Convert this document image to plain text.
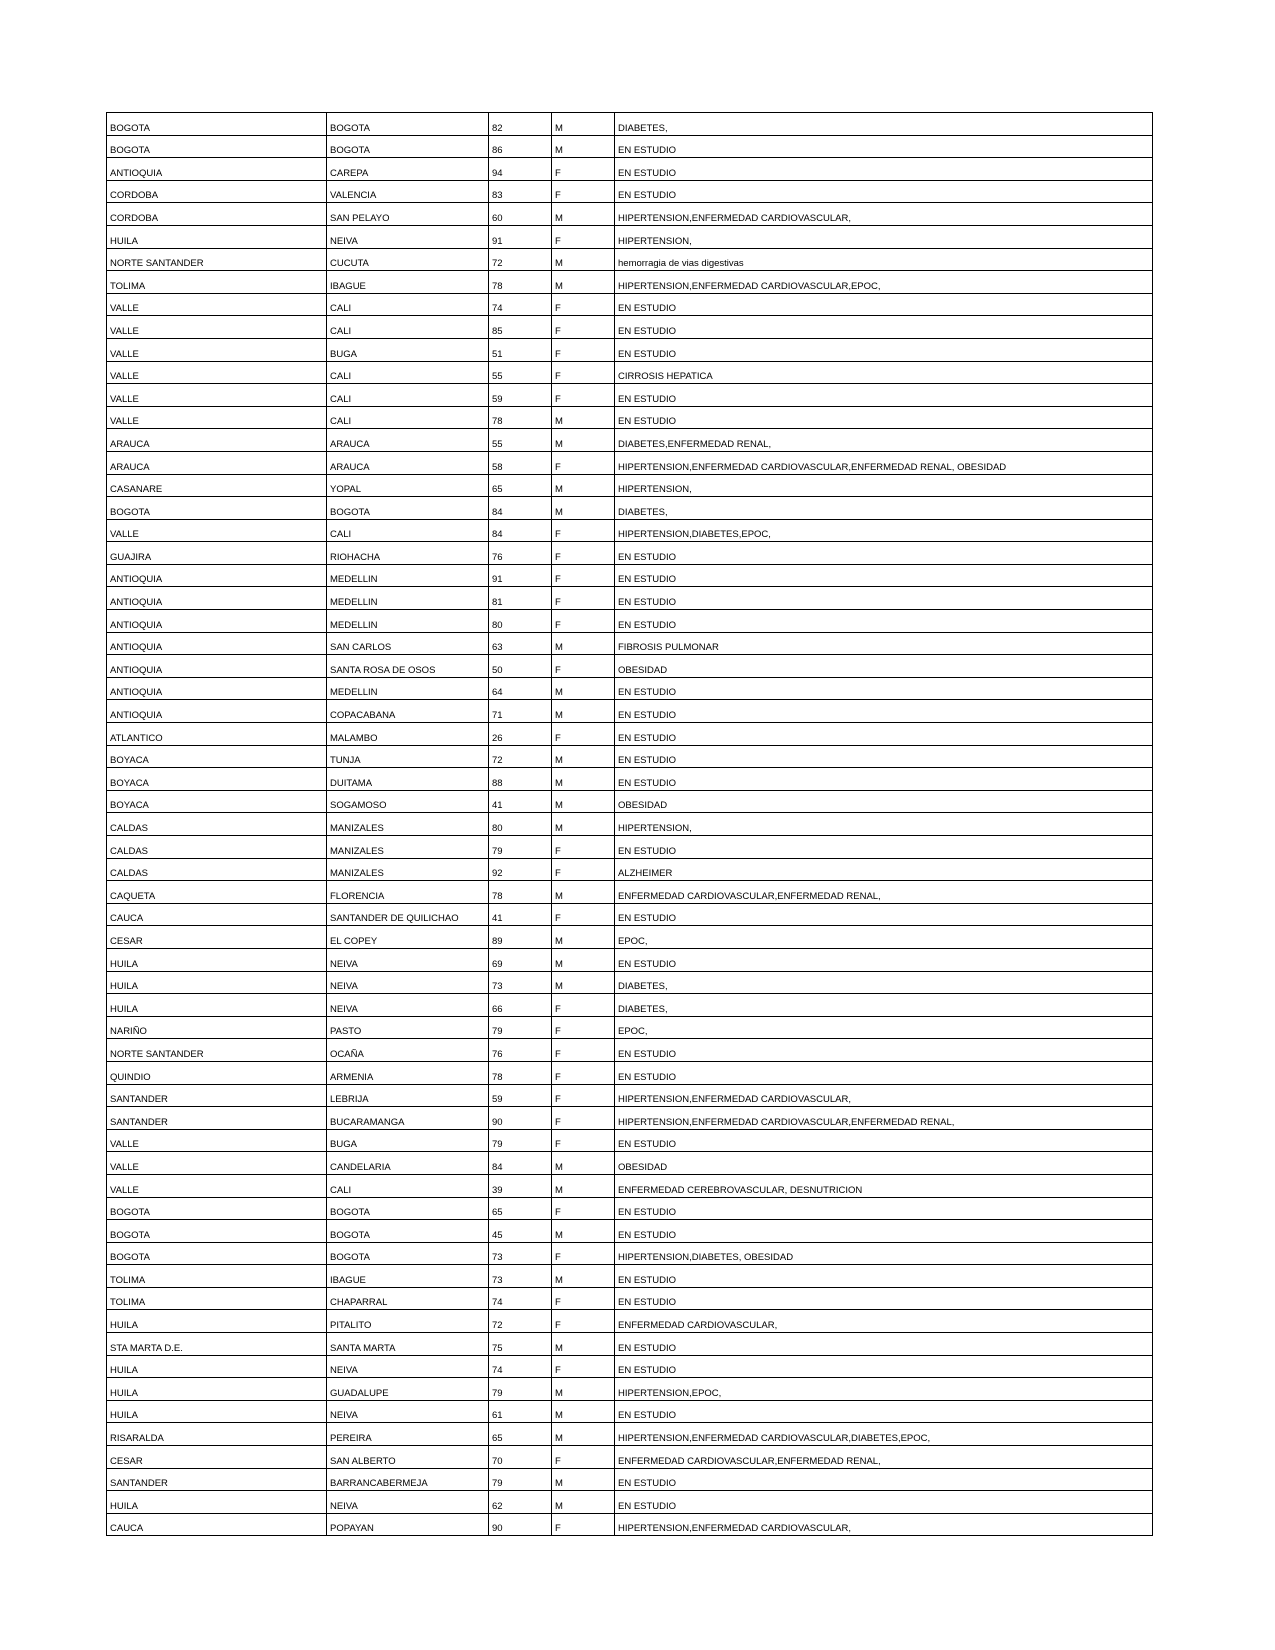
BOGOTA	BOGOTA	82	M	DIABETES,
BOGOTA	BOGOTA	86	M	EN ESTUDIO
ANTIOQUIA	CAREPA	94	F	EN ESTUDIO
CORDOBA	VALENCIA	83	F	EN ESTUDIO
CORDOBA	SAN PELAYO	60	M	HIPERTENSION,ENFERMEDAD CARDIOVASCULAR,
HUILA	NEIVA	91	F	HIPERTENSION,
NORTE SANTANDER	CUCUTA	72	M	hemorragia de vias digestivas
TOLIMA	IBAGUE	78	M	HIPERTENSION,ENFERMEDAD CARDIOVASCULAR,EPOC,
VALLE	CALI	74	F	EN ESTUDIO
VALLE	CALI	85	F	EN ESTUDIO
VALLE	BUGA	51	F	EN ESTUDIO
VALLE	CALI	55	F	CIRROSIS HEPATICA
VALLE	CALI	59	F	EN ESTUDIO
VALLE	CALI	78	M	EN ESTUDIO
ARAUCA	ARAUCA	55	M	DIABETES,ENFERMEDAD RENAL,
ARAUCA	ARAUCA	58	F	HIPERTENSION,ENFERMEDAD CARDIOVASCULAR,ENFERMEDAD RENAL, OBESIDAD
CASANARE	YOPAL	65	M	HIPERTENSION,
BOGOTA	BOGOTA	84	M	DIABETES,
VALLE	CALI	84	F	HIPERTENSION,DIABETES,EPOC,
GUAJIRA	RIOHACHA	76	F	EN ESTUDIO
ANTIOQUIA	MEDELLIN	91	F	EN ESTUDIO
ANTIOQUIA	MEDELLIN	81	F	EN ESTUDIO
ANTIOQUIA	MEDELLIN	80	F	EN ESTUDIO
ANTIOQUIA	SAN CARLOS	63	M	FIBROSIS PULMONAR
ANTIOQUIA	SANTA ROSA DE OSOS	50	F	OBESIDAD
ANTIOQUIA	MEDELLIN	64	M	EN ESTUDIO
ANTIOQUIA	COPACABANA	71	M	EN ESTUDIO
ATLANTICO	MALAMBO	26	F	EN ESTUDIO
BOYACA	TUNJA	72	M	EN ESTUDIO
BOYACA	DUITAMA	88	M	EN ESTUDIO
BOYACA	SOGAMOSO	41	M	OBESIDAD
CALDAS	MANIZALES	80	M	HIPERTENSION,
CALDAS	MANIZALES	79	F	EN ESTUDIO
CALDAS	MANIZALES	92	F	ALZHEIMER
CAQUETA	FLORENCIA	78	M	ENFERMEDAD CARDIOVASCULAR,ENFERMEDAD RENAL,
CAUCA	SANTANDER DE QUILICHAO	41	F	EN ESTUDIO
CESAR	EL COPEY	89	M	EPOC,
HUILA	NEIVA	69	M	EN ESTUDIO
HUILA	NEIVA	73	M	DIABETES,
HUILA	NEIVA	66	F	DIABETES,
NARIÑO	PASTO	79	F	EPOC,
NORTE SANTANDER	OCAÑA	76	F	EN ESTUDIO
QUINDIO	ARMENIA	78	F	EN ESTUDIO
SANTANDER	LEBRIJA	59	F	HIPERTENSION,ENFERMEDAD CARDIOVASCULAR,
SANTANDER	BUCARAMANGA	90	F	HIPERTENSION,ENFERMEDAD CARDIOVASCULAR,ENFERMEDAD RENAL,
VALLE	BUGA	79	F	EN ESTUDIO
VALLE	CANDELARIA	84	M	OBESIDAD
VALLE	CALI	39	M	ENFERMEDAD CEREBROVASCULAR, DESNUTRICION
BOGOTA	BOGOTA	65	F	EN ESTUDIO
BOGOTA	BOGOTA	45	M	EN ESTUDIO
BOGOTA	BOGOTA	73	F	HIPERTENSION,DIABETES, OBESIDAD
TOLIMA	IBAGUE	73	M	EN ESTUDIO
TOLIMA	CHAPARRAL	74	F	EN ESTUDIO
HUILA	PITALITO	72	F	ENFERMEDAD CARDIOVASCULAR,
STA MARTA D.E.	SANTA MARTA	75	M	EN ESTUDIO
HUILA	NEIVA	74	F	EN ESTUDIO
HUILA	GUADALUPE	79	M	HIPERTENSION,EPOC,
HUILA	NEIVA	61	M	EN ESTUDIO
RISARALDA	PEREIRA	65	M	HIPERTENSION,ENFERMEDAD CARDIOVASCULAR,DIABETES,EPOC,
CESAR	SAN ALBERTO	70	F	ENFERMEDAD CARDIOVASCULAR,ENFERMEDAD RENAL,
SANTANDER	BARRANCABERMEJA	79	M	EN ESTUDIO
HUILA	NEIVA	62	M	EN ESTUDIO
CAUCA	POPAYAN	90	F	HIPERTENSION,ENFERMEDAD CARDIOVASCULAR,
